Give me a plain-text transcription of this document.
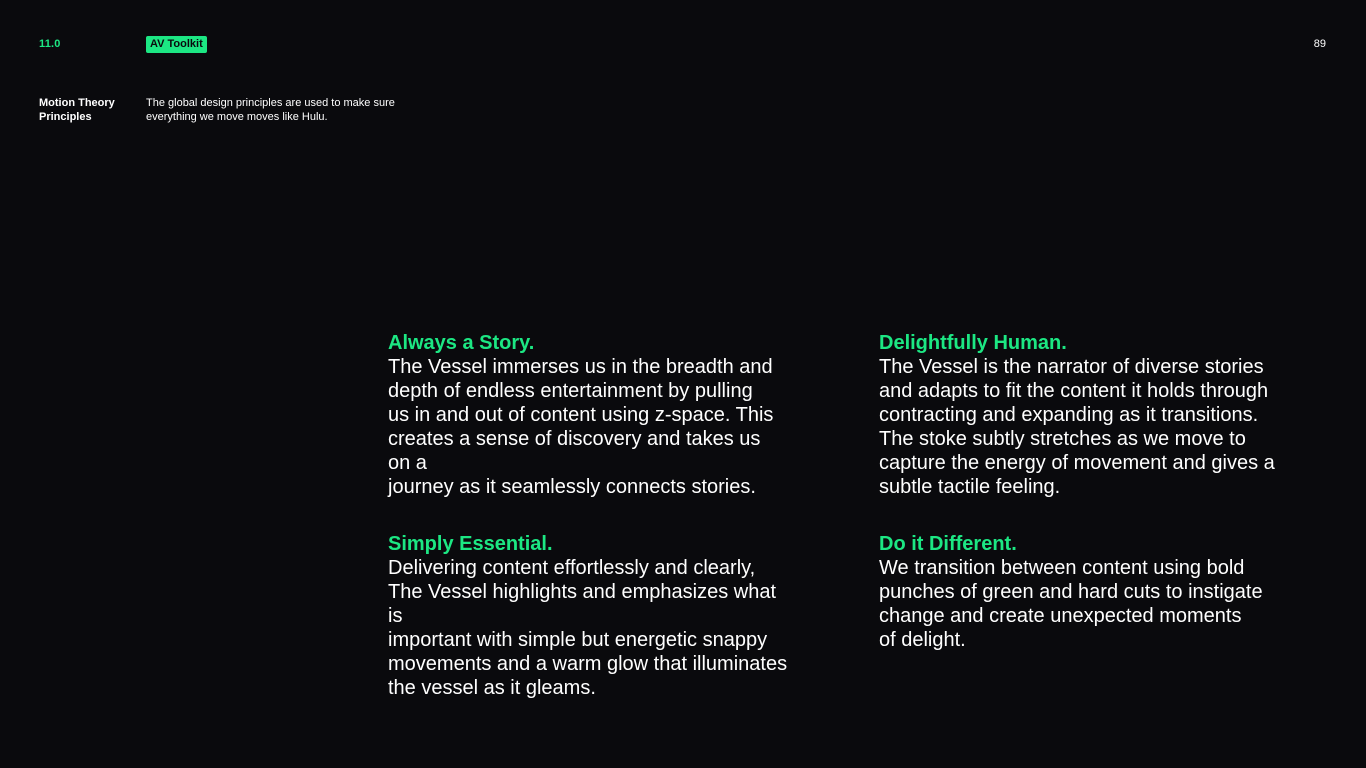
11.0	AV Toolkit	89
Motion Theory
Principles
The global design principles are used to make sure everything we move moves like Hulu.
Always a Story.

The Vessel immerses us in the breadth and
depth of endless entertainment by pulling
us in and out of content using z-space. This
creates a sense of discovery and takes us on a
journey as it seamlessly connects stories.

Delightfully Human.

The Vessel is the narrator of diverse stories
and adapts to fit the content it holds through
contracting and expanding as it transitions.
The stoke subtly stretches as we move to
capture the energy of movement and gives a
subtle tactile feeling.

Simply Essential.

Delivering content effortlessly and clearly,
The Vessel highlights and emphasizes what is
important with simple but energetic snappy
movements and a warm glow that illuminates
the vessel as it gleams.

Do it Different.

We transition between content using bold
punches of green and hard cuts to instigate
change and create unexpected moments
of delight.
